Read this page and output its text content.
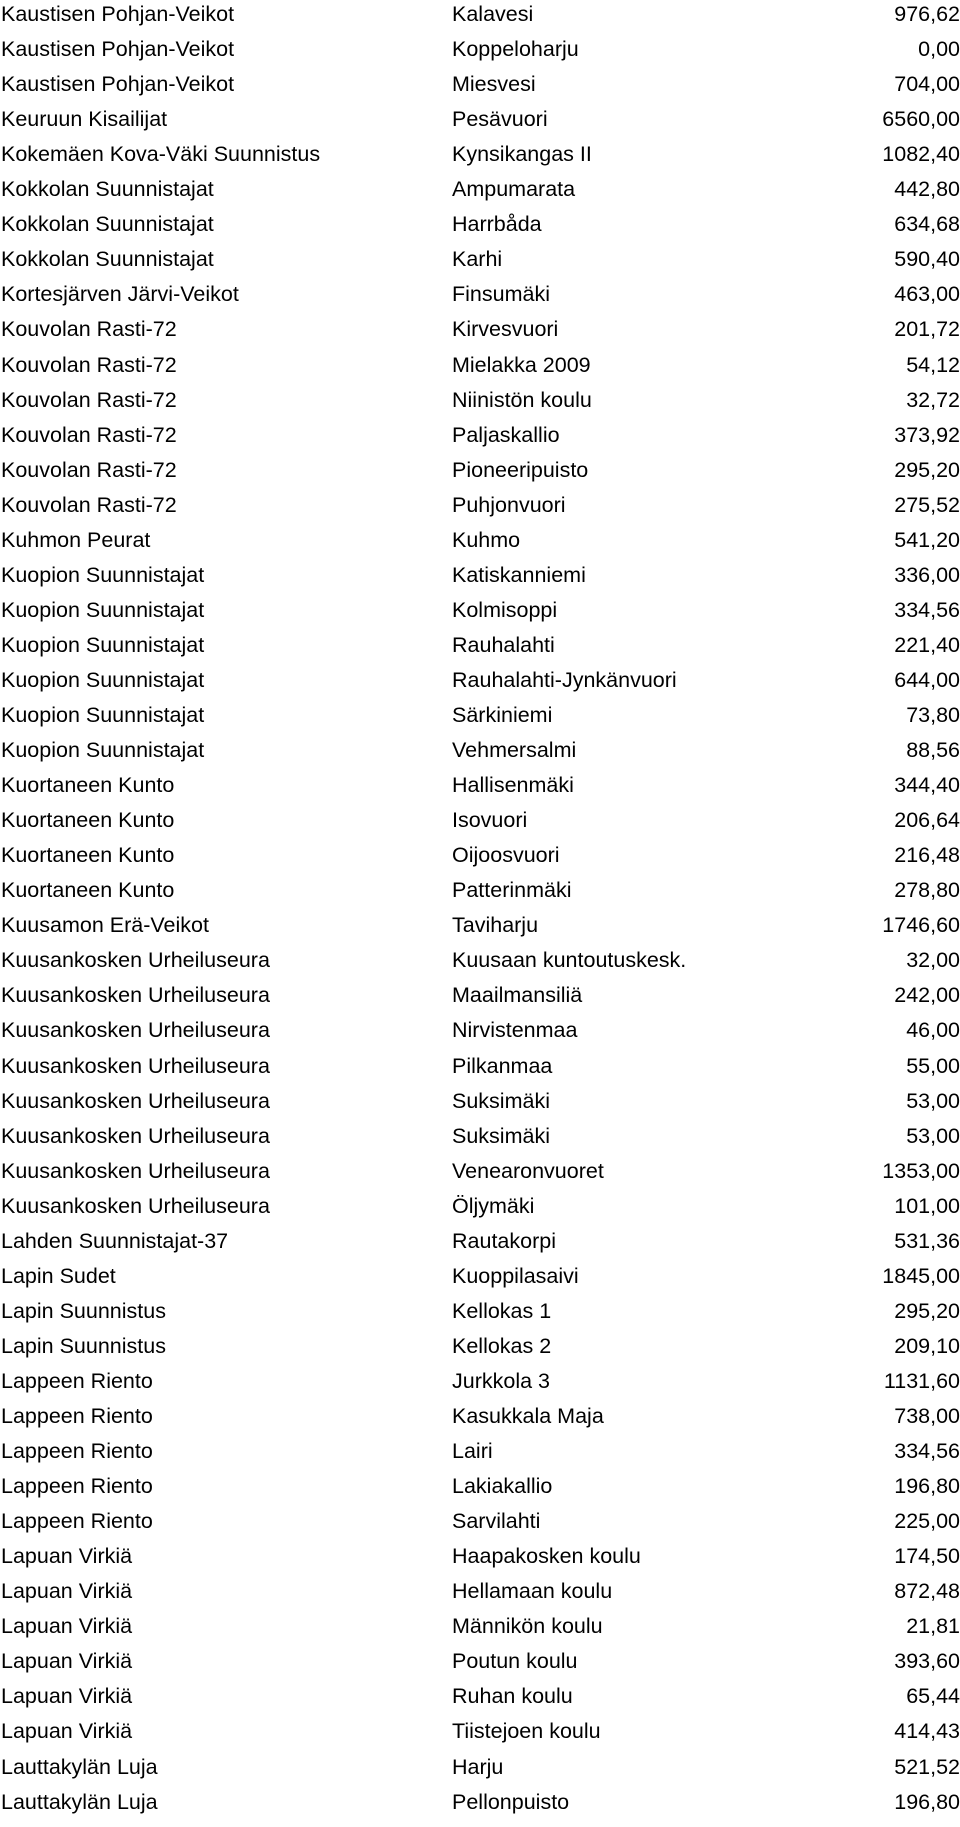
Kaustisen Pohjan-Veikot	Kalavesi	976,62
Kaustisen Pohjan-Veikot	Koppeloharju	0,00
Kaustisen Pohjan-Veikot	Miesvesi	704,00
Keuruun Kisailijat	Pesävuori	6560,00
Kokemäen Kova-Väki Suunnistus	Kynsikangas II	1082,40
Kokkolan Suunnistajat	Ampumarata	442,80
Kokkolan Suunnistajat	Harrbåda	634,68
Kokkolan Suunnistajat	Karhi	590,40
Kortesjärven Järvi-Veikot	Finsumäki	463,00
Kouvolan Rasti-72	Kirvesvuori	201,72
Kouvolan Rasti-72	Mielakka 2009	54,12
Kouvolan Rasti-72	Niinistön koulu	32,72
Kouvolan Rasti-72	Paljaskallio	373,92
Kouvolan Rasti-72	Pioneeripuisto	295,20
Kouvolan Rasti-72	Puhjonvuori	275,52
Kuhmon Peurat	Kuhmo	541,20
Kuopion Suunnistajat	Katiskanniemi	336,00
Kuopion Suunnistajat	Kolmisoppi	334,56
Kuopion Suunnistajat	Rauhalahti	221,40
Kuopion Suunnistajat	Rauhalahti-Jynkänvuori	644,00
Kuopion Suunnistajat	Särkiniemi	73,80
Kuopion Suunnistajat	Vehmersalmi	88,56
Kuortaneen Kunto	Hallisenmäki	344,40
Kuortaneen Kunto	Isovuori	206,64
Kuortaneen Kunto	Oijoosvuori	216,48
Kuortaneen Kunto	Patterinmäki	278,80
Kuusamon Erä-Veikot	Taviharju	1746,60
Kuusankosken Urheiluseura	Kuusaan kuntoutuskesk.	32,00
Kuusankosken Urheiluseura	Maailmansiliä	242,00
Kuusankosken Urheiluseura	Nirvistenmaa	46,00
Kuusankosken Urheiluseura	Pilkanmaa	55,00
Kuusankosken Urheiluseura	Suksimäki	53,00
Kuusankosken Urheiluseura	Suksimäki	53,00
Kuusankosken Urheiluseura	Venearonvuoret	1353,00
Kuusankosken Urheiluseura	Öljymäki	101,00
Lahden Suunnistajat-37	Rautakorpi	531,36
Lapin Sudet	Kuoppilasaivi	1845,00
Lapin Suunnistus	Kellokas 1	295,20
Lapin Suunnistus	Kellokas 2	209,10
Lappeen Riento	Jurkkola 3	1131,60
Lappeen Riento	Kasukkala Maja	738,00
Lappeen Riento	Lairi	334,56
Lappeen Riento	Lakiakallio	196,80
Lappeen Riento	Sarvilahti	225,00
Lapuan Virkiä	Haapakosken koulu	174,50
Lapuan Virkiä	Hellamaan koulu	872,48
Lapuan Virkiä	Männikön koulu	21,81
Lapuan Virkiä	Poutun koulu	393,60
Lapuan Virkiä	Ruhan koulu	65,44
Lapuan Virkiä	Tiistejoen koulu	414,43
Lauttakylän Luja	Harju	521,52
Lauttakylän Luja	Pellonpuisto	196,80
